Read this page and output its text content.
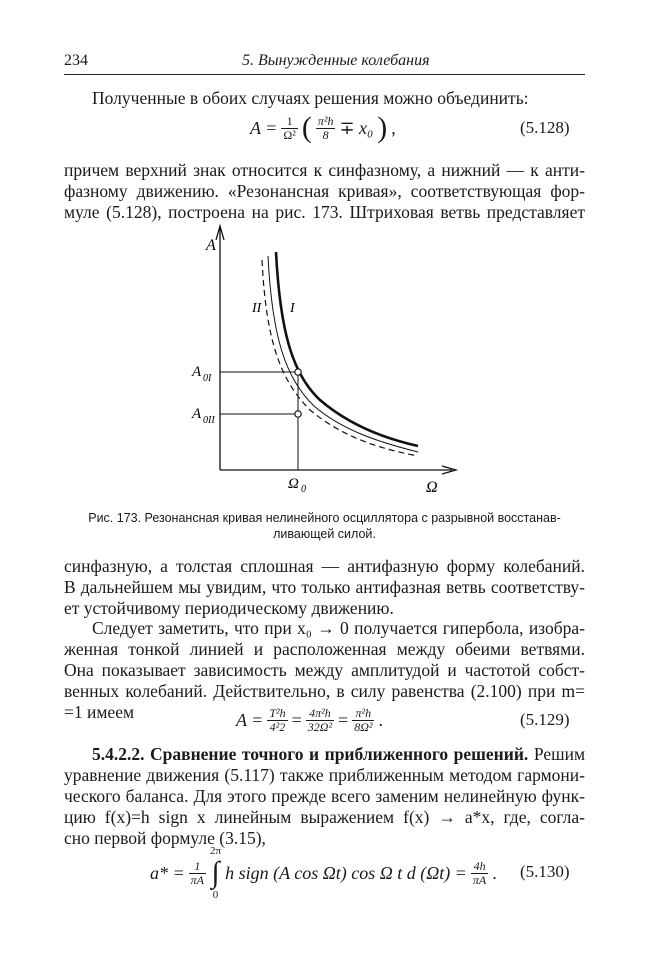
234	5. Вынужденные колебания
Полученные в обоих случаях решения можно объединить:
$A = \frac{1}{\text{Ω²}}$ ( $\frac{\text{π²h}}{8} \mp x_0$ ) ,	(5.128)
причем верхний знак относится к синфазному, а нижний — к анти-
фазному движению. «Резонансная кривая», соответствующая фор-
муле (5.128), построена на рис. 173. Штриховая ветвь представляет
A
Ω
A 0I
A 0II
Ω 0
II I
Рис. 173. Резонансная кривая нелинейного осциллятора с разрывной восстанав-
ливающей силой.
синфазную, а толстая сплошная — антифазную форму колебаний.
В дальнейшем мы увидим, что только антифазная ветвь соответству-
ет устойчивому периодическому движению.
Следует заметить, что при x₀ → 0 получается гипербола, изобра-
женная тонкой линией и расположенная между обеими ветвями.
Она показывает зависимость между амплитудой и частотой собст-
венных колебаний. Действительно, в силу равенства (2.100) при m=
=1 имеем	$A = \frac{\text{T²h}}{\text{4²2}} = \frac{\text{4π²h}}{\text{32Ω²}} = \frac{\text{π²h}}{\text{8Ω²}}$ .	(5.129)
5.4.2.2. Сравнение точного и приближенного решений. Решим
уравнение движения (5.117) также приближенным методом гармони-
ческого баланса. Для этого прежде всего заменим нелинейную функ-
цию f(x)=h sign x линейным выражением f(x) → a*x, где, согла-
сно первой формуле (3.15),
$a* = \frac{1}{\pi A}$
2π
∫
0
h sign (A cos Ωt) cos Ω t d $(\Omega t) = \frac{4h}{\pi A}$ . (5.130)
